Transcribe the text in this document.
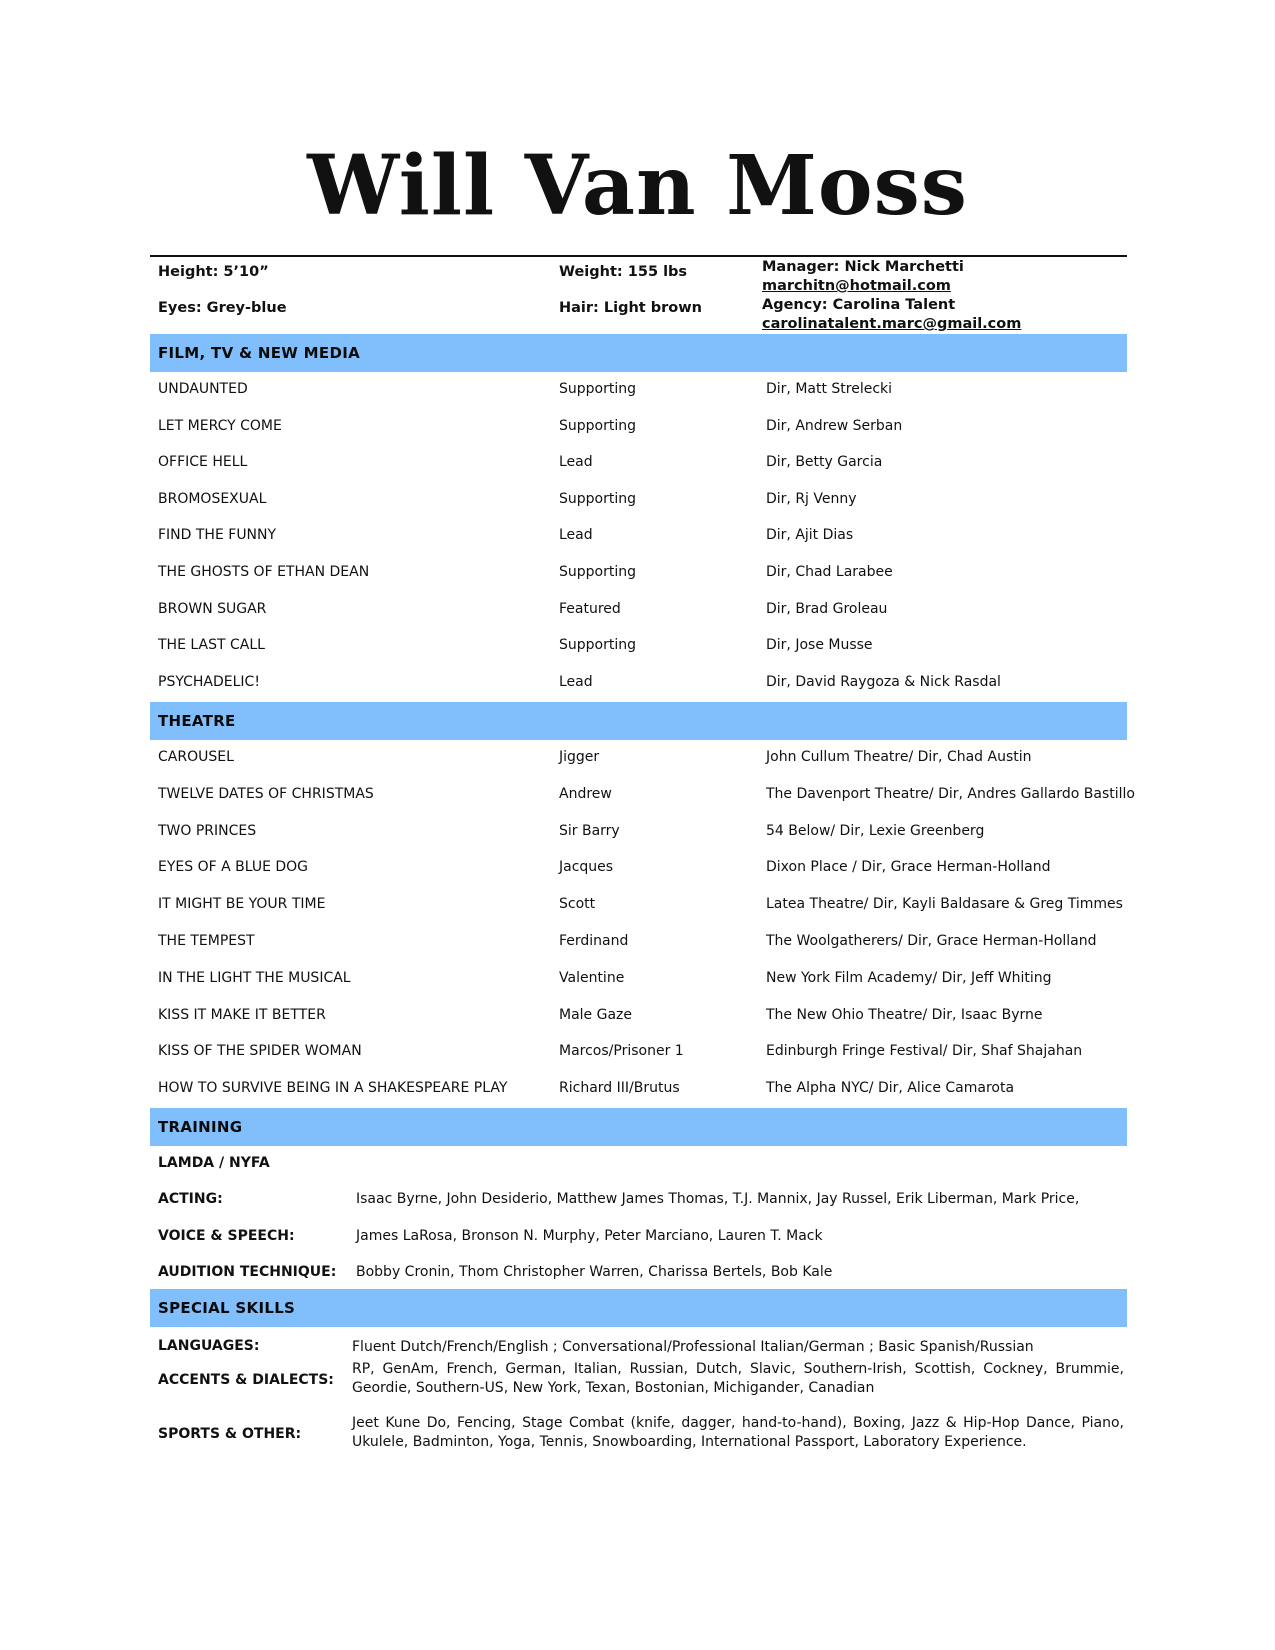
Will Van Moss
Height: 5’10”	Weight: 155 lbs
Eyes: Grey-blue	Hair: Light brown
Manager: Nick Marchetti
marchitn@hotmail.com
Agency: Carolina Talent
carolinatalent.marc@gmail.com
FILM, TV & NEW MEDIA
UNDAUNTED	Supporting	Dir, Matt Strelecki
LET MERCY COME	Supporting	Dir, Andrew Serban
OFFICE HELL	Lead	Dir, Betty Garcia
BROMOSEXUAL	Supporting	Dir, Rj Venny
FIND THE FUNNY	Lead	Dir, Ajit Dias
THE GHOSTS OF ETHAN DEAN	Supporting	Dir, Chad Larabee
BROWN SUGAR	Featured	Dir, Brad Groleau
THE LAST CALL	Supporting	Dir, Jose Musse
PSYCHADELIC!	Lead	Dir, David Raygoza & Nick Rasdal
THEATRE
CAROUSEL	Jigger	John Cullum Theatre/ Dir, Chad Austin
TWELVE DATES OF CHRISTMAS	Andrew	The Davenport Theatre/ Dir, Andres Gallardo Bastillo
TWO PRINCES	Sir Barry	54 Below/ Dir, Lexie Greenberg
EYES OF A BLUE DOG	Jacques	Dixon Place / Dir, Grace Herman-Holland
IT MIGHT BE YOUR TIME	Scott	Latea Theatre/ Dir, Kayli Baldasare & Greg Timmes
THE TEMPEST	Ferdinand	The Woolgatherers/ Dir, Grace Herman-Holland
IN THE LIGHT THE MUSICAL	Valentine	New York Film Academy/ Dir, Jeff Whiting
KISS IT MAKE IT BETTER	Male Gaze	The New Ohio Theatre/ Dir, Isaac Byrne
KISS OF THE SPIDER WOMAN	Marcos/Prisoner 1	Edinburgh Fringe Festival/ Dir, Shaf Shajahan
HOW TO SURVIVE BEING IN A SHAKESPEARE PLAY	Richard III/Brutus	The Alpha NYC/ Dir, Alice Camarota
TRAINING
LAMDA / NYFA
ACTING:	Isaac Byrne, John Desiderio, Matthew James Thomas, T.J. Mannix, Jay Russel, Erik Liberman, Mark Price,
VOICE & SPEECH:	James LaRosa, Bronson N. Murphy, Peter Marciano, Lauren T. Mack
AUDITION TECHNIQUE: Bobby Cronin, Thom Christopher Warren, Charissa Bertels, Bob Kale
SPECIAL SKILLS
LANGUAGES:	Fluent Dutch/French/English ; Conversational/Professional Italian/German ; Basic Spanish/Russian
ACCENTS & DIALECTS:
RP, GenAm, French, German, Italian, Russian, Dutch, Slavic, Southern-Irish, Scottish, Cockney, Brummie, Geordie, Southern-US, New York, Texan, Bostonian, Michigander, Canadian
SPORTS & OTHER:
Jeet Kune Do, Fencing, Stage Combat (knife, dagger, hand-to-hand), Boxing, Jazz & Hip-Hop Dance, Piano, Ukulele, Badminton, Yoga, Tennis, Snowboarding, International Passport, Laboratory Experience.
